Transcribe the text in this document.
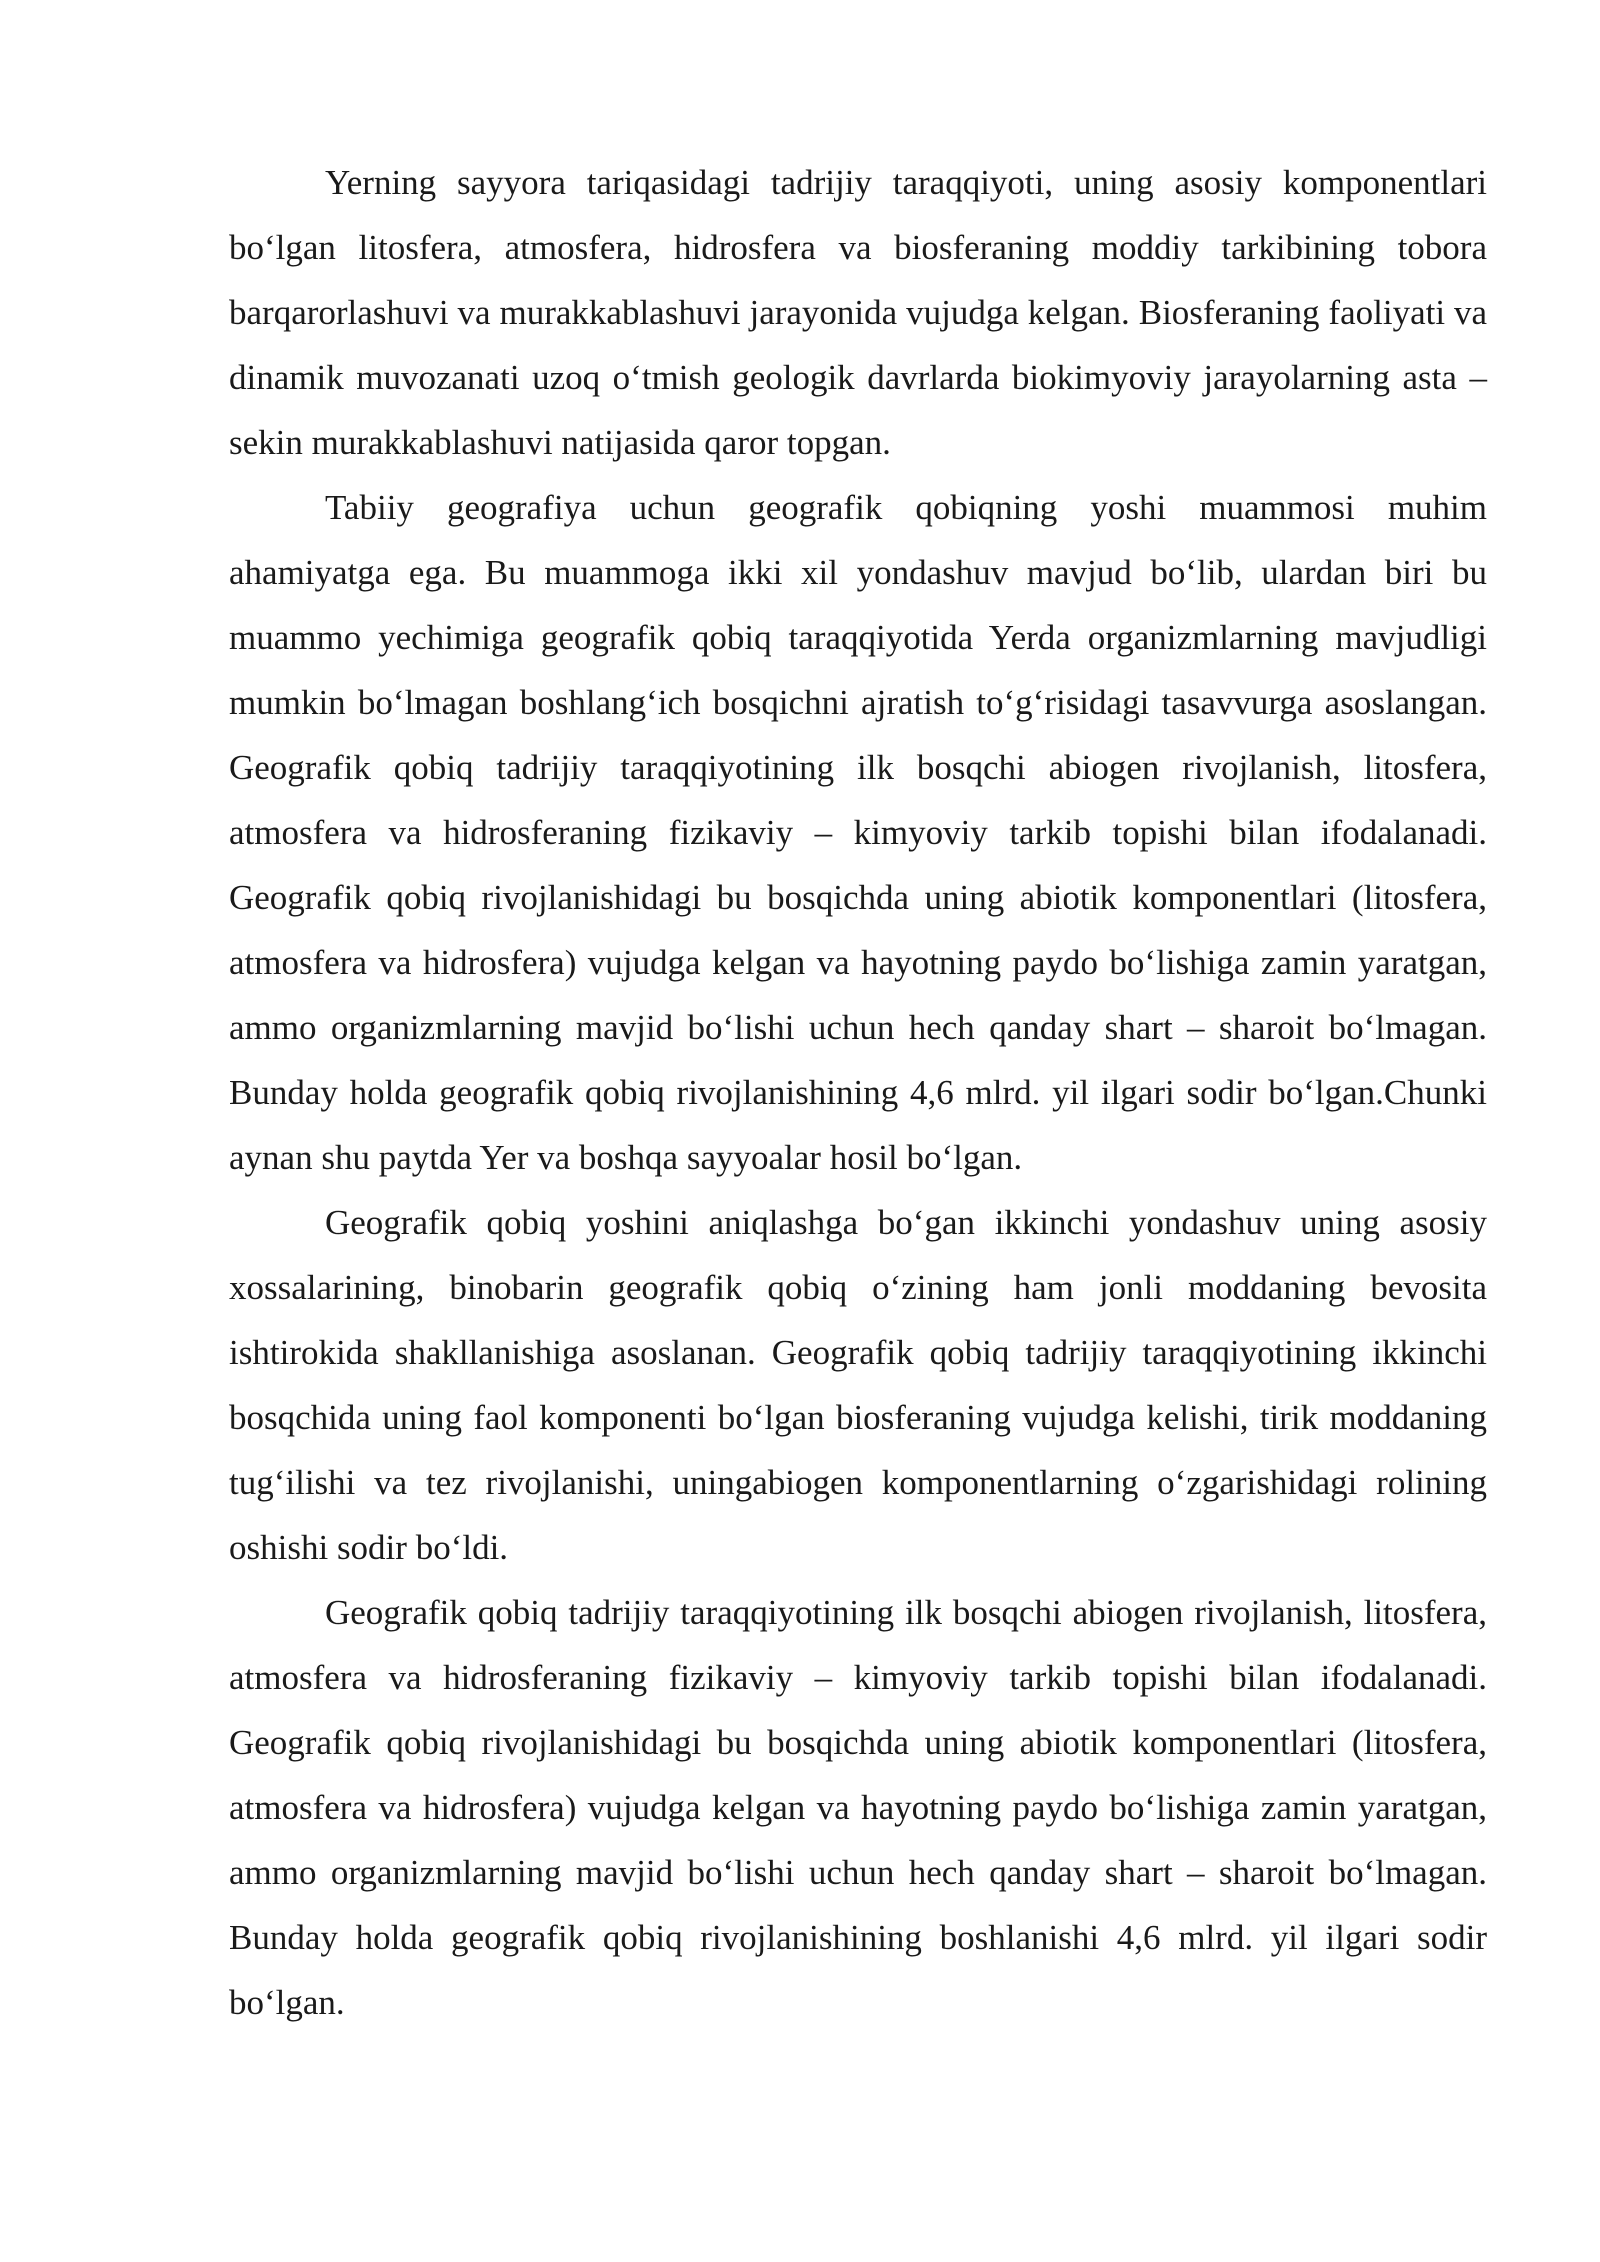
Yerning sayyora tariqasidagi tadrijiy taraqqiyoti, uning asosiy komponentlari bo‘lgan litosfera, atmosfera, hidrosfera va biosferaning moddiy tarkibining tobora barqarorlashuvi va murakkablashuvi jarayonida vujudga kelgan. Biosferaning faoliyati va dinamik muvozanati uzoq o‘tmish geologik davrlarda biokimyoviy jarayolarning asta – sekin murakkablashuvi natijasida qaror topgan.

Tabiiy geografiya uchun geografik qobiqning yoshi muammosi muhim ahamiyatga ega. Bu muammoga ikki xil yondashuv mavjud bo‘lib, ulardan biri bu muammo yechimiga geografik qobiq taraqqiyotida Yerda organizmlarning mavjudligi mumkin bo‘lmagan boshlang‘ich bosqichni ajratish to‘g‘risidagi tasavvurga asoslangan. Geografik qobiq tadrijiy taraqqiyotining ilk bosqchi abiogen rivojlanish, litosfera, atmosfera va hidrosferaning fizikaviy – kimyoviy tarkib topishi bilan ifodalanadi. Geografik qobiq rivojlanishidagi bu bosqichda uning abiotik komponentlari (litosfera, atmosfera va hidrosfera) vujudga kelgan va hayotning paydo bo‘lishiga zamin yaratgan, ammo organizmlarning mavjid bo‘lishi uchun hech qanday shart – sharoit bo‘lmagan. Bunday holda geografik qobiq rivojlanishining 4,6 mlrd. yil ilgari sodir bo‘lgan.Chunki aynan shu paytda Yer va boshqa sayyoalar hosil bo‘lgan.

Geografik qobiq yoshini aniqlashga bo‘gan ikkinchi yondashuv uning asosiy xossalarining, binobarin geografik qobiq o‘zining ham jonli moddaning bevosita ishtirokida shakllanishiga asoslanan. Geografik qobiq tadrijiy taraqqiyotining ikkinchi bosqchida uning faol komponenti bo‘lgan biosferaning vujudga kelishi, tirik moddaning tug‘ilishi va tez rivojlanishi, uningabiogen komponentlarning o‘zgarishidagi rolining oshishi sodir bo‘ldi.

Geografik qobiq tadrijiy taraqqiyotining ilk bosqchi abiogen rivojlanish, litosfera, atmosfera va hidrosferaning fizikaviy – kimyoviy tarkib topishi bilan ifodalanadi. Geografik qobiq rivojlanishidagi bu bosqichda uning abiotik komponentlari (litosfera, atmosfera va hidrosfera) vujudga kelgan va hayotning paydo bo‘lishiga zamin yaratgan, ammo organizmlarning mavjid bo‘lishi uchun hech qanday shart – sharoit bo‘lmagan. Bunday holda geografik qobiq rivojlanishining boshlanishi 4,6 mlrd. yil ilgari sodir bo‘lgan.
